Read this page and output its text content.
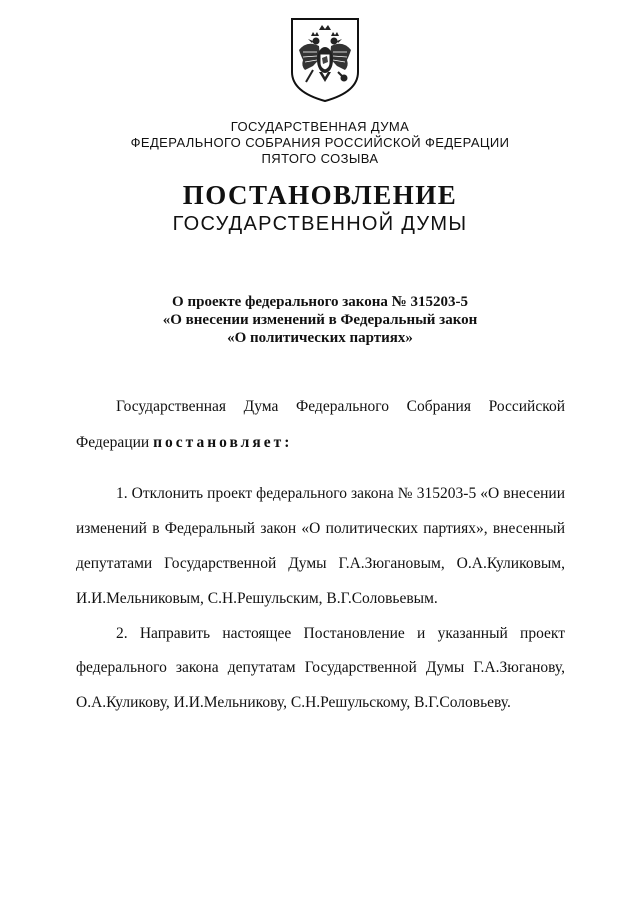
ГОСУДАРСТВЕННАЯ ДУМА
ФЕДЕРАЛЬНОГО СОБРАНИЯ РОССИЙСКОЙ ФЕДЕРАЦИИ
ПЯТОГО СОЗЫВА
ПОСТАНОВЛЕНИЕ
ГОСУДАРСТВЕННОЙ ДУМЫ
О проекте федерального закона № 315203-5
«О внесении изменений в Федеральный закон
«О политических партиях»
Государственная Дума Федерального Собрания Российской
Федерации постановляет:
1. Отклонить проект федерального закона № 315203-5 «О внесении
изменений в Федеральный закон «О политических партиях», внесенный
депутатами Государственной Думы Г.А.Зюгановым, О.А.Куликовым,
И.И.Мельниковым, С.Н.Решульским, В.Г.Соловьевым.
2. Направить настоящее Постановление и указанный проект
федерального закона депутатам Государственной Думы Г.А.Зюганову,
О.А.Куликову, И.И.Мельникову, С.Н.Решульскому, В.Г.Соловьеву.
